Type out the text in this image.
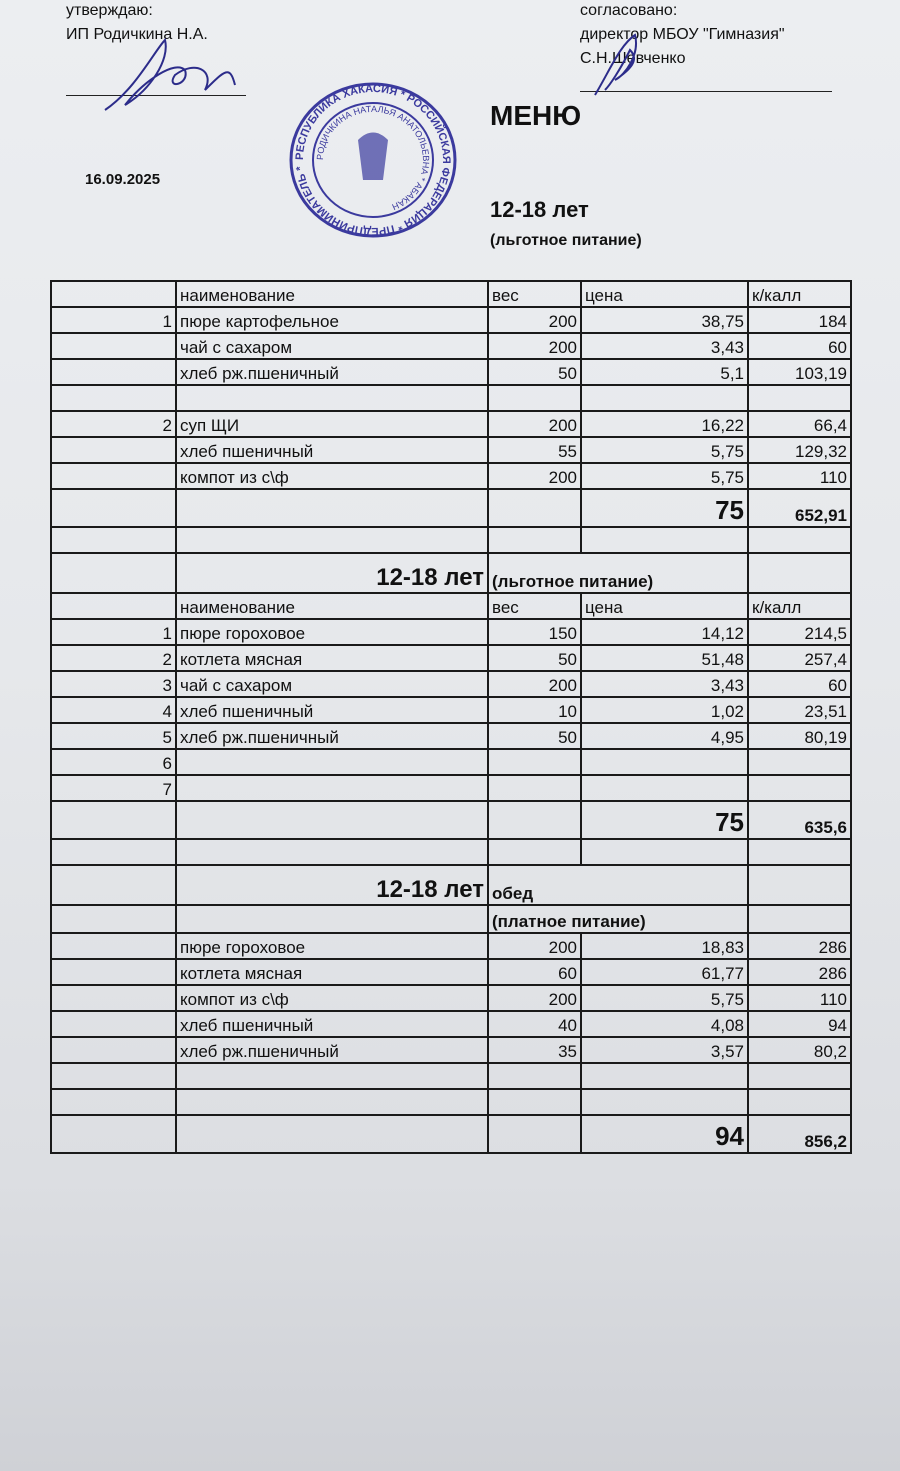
утверждаю:
ИП Родичкина Н.А.
согласовано:
директор МБОУ "Гимназия"
С.Н.Шевченко
16.09.2025
РЕСПУБЛИКА ХАКАСИЯ * РОССИЙСКАЯ ФЕДЕРАЦИЯ * ПРЕДПРИНИМАТЕЛЬ *
РОДИЧКИНА НАТАЛЬЯ АНАТОЛЬЕВНА * АБАКАН
МЕНЮ
12-18 лет
(льготное питание)
	наименование	вес	цена	к/калл
1	пюре картофельное	200	38,75	184
	чай с сахаром	200	3,43	60
	хлеб рж.пшеничный	50	5,1	103,19

2	суп ЩИ	200	16,22	66,4
	хлеб пшеничный	55	5,75	129,32
	компот из с\ф	200	5,75	110
			75	652,91

	12-18 лет	(льготное питание)		
	наименование	вес	цена	к/калл
1	пюре гороховое	150	14,12	214,5
2	котлета мясная	50	51,48	257,4
3	чай с сахаром	200	3,43	60
4	хлеб пшеничный	10	1,02	23,51
5	хлеб рж.пшеничный	50	4,95	80,19
6				
7				
			75	635,6

	12-18 лет	обед		
		(платное питание)		
	пюре гороховое	200	18,83	286
	котлета мясная	60	61,77	286
	компот из с\ф	200	5,75	110
	хлеб пшеничный	40	4,08	94
	хлеб рж.пшеничный	35	3,57	80,2

			94	856,2
